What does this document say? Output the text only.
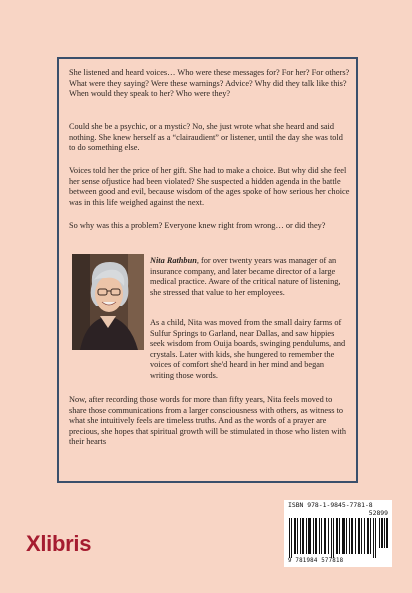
She listened and heard voices… Who were these messages for? For her? For others? What were they saying? Were these warnings? Advice? Why did they talk like this? When would they speak to her? Who were they?

Could she be a psychic, or a mystic? No, she just wrote what she heard and said nothing. She knew herself as a “clairaudient” or listener, until the day she was told to do something else.

Voices told her the price of her gift. She had to make a choice. But why did she feel her sense ofjustice had been violated? She suspected a hidden agenda in the battle between good and evil, because wisdom of the ages spoke of how serious her choice was in this life weighed against the next.

So why was this a problem? Everyone knew right from wrong… or did they?

Nita Rathbun, for over twenty years was manager of an insurance company, and later became director of a large medical practice. Aware of the critical nature of listening, she stressed that value to her employees.

As a child, Nita was moved from the small dairy farms of Sulfur Springs to Garland, near Dallas, and saw hippies seek wisdom from Ouija boards, swinging pendulums, and crystals. Later with kids, she hungered to remember the voices of comfort she'd heard in her mind and began writing those words.

Now, after recording those words for more than fifty years, Nita feels moved to share those communications from a larger consciousness with others, as witness to what she intuitively feels are timeless truths. And as the words of a prayer are precious, she hopes that spiritual growth will be stimulated in those who listen with their hearts

Xlibris
ISBN 978-1-9845-7781-8
52899
9 781984 577818
